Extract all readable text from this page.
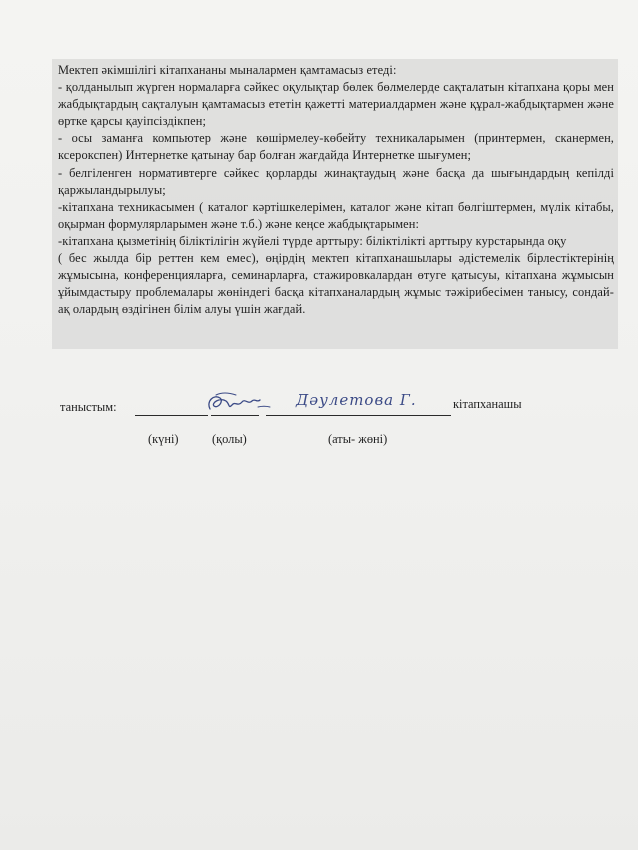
Мектеп әкімшілігі кітапхананы мыналармен қамтамасыз етеді:

- қолданылып жүрген нормаларға сәйкес оқулықтар бөлек бөлмелерде сақталатын кітапхана қоры мен жабдықтардың сақталуын қамтамасыз ететін қажетті материалдармен және құрал-жабдықтармен және өртке қарсы қауіпсіздікпен;

- осы заманға компьютер және көшірмелеу-көбейту техникаларымен (принтермен, сканермен, ксерокспен) Интернетке қатынау бар болған жағдайда Интернетке шығумен;

- белгіленген нормативтерге сәйкес қорларды жинақтаудың және басқа да шығындардың кепілді қаржыландырылуы;

-кітапхана техникасымен ( каталог кәртішкелерімен, каталог және кітап бөлгіштермен, мүлік кітабы, оқырман формулярларымен және т.б.) және кеңсе жабдықтарымен:

-кітапхана қызметінің біліктілігін жүйелі түрде арттыру: біліктілікті арттыру курстарында оқу

( бес жылда бір реттен кем емес), өңірдің мектеп кітапханашылары әдістемелік бірлестіктерінің жұмысына, конференцияларға, семинарларға, стажировкалардан өтуге қатысуы, кітапхана жұмысын ұйымдастыру проблемалары жөніндегі басқа кітапханалардың жұмыс тәжірибесімен танысу, сондай-ақ олардың өздігінен білім алуы үшін жағдай.

таныстым:	Дәулетова Г.	кітапханашы
(күні)	(қолы)	(аты- жөні)
